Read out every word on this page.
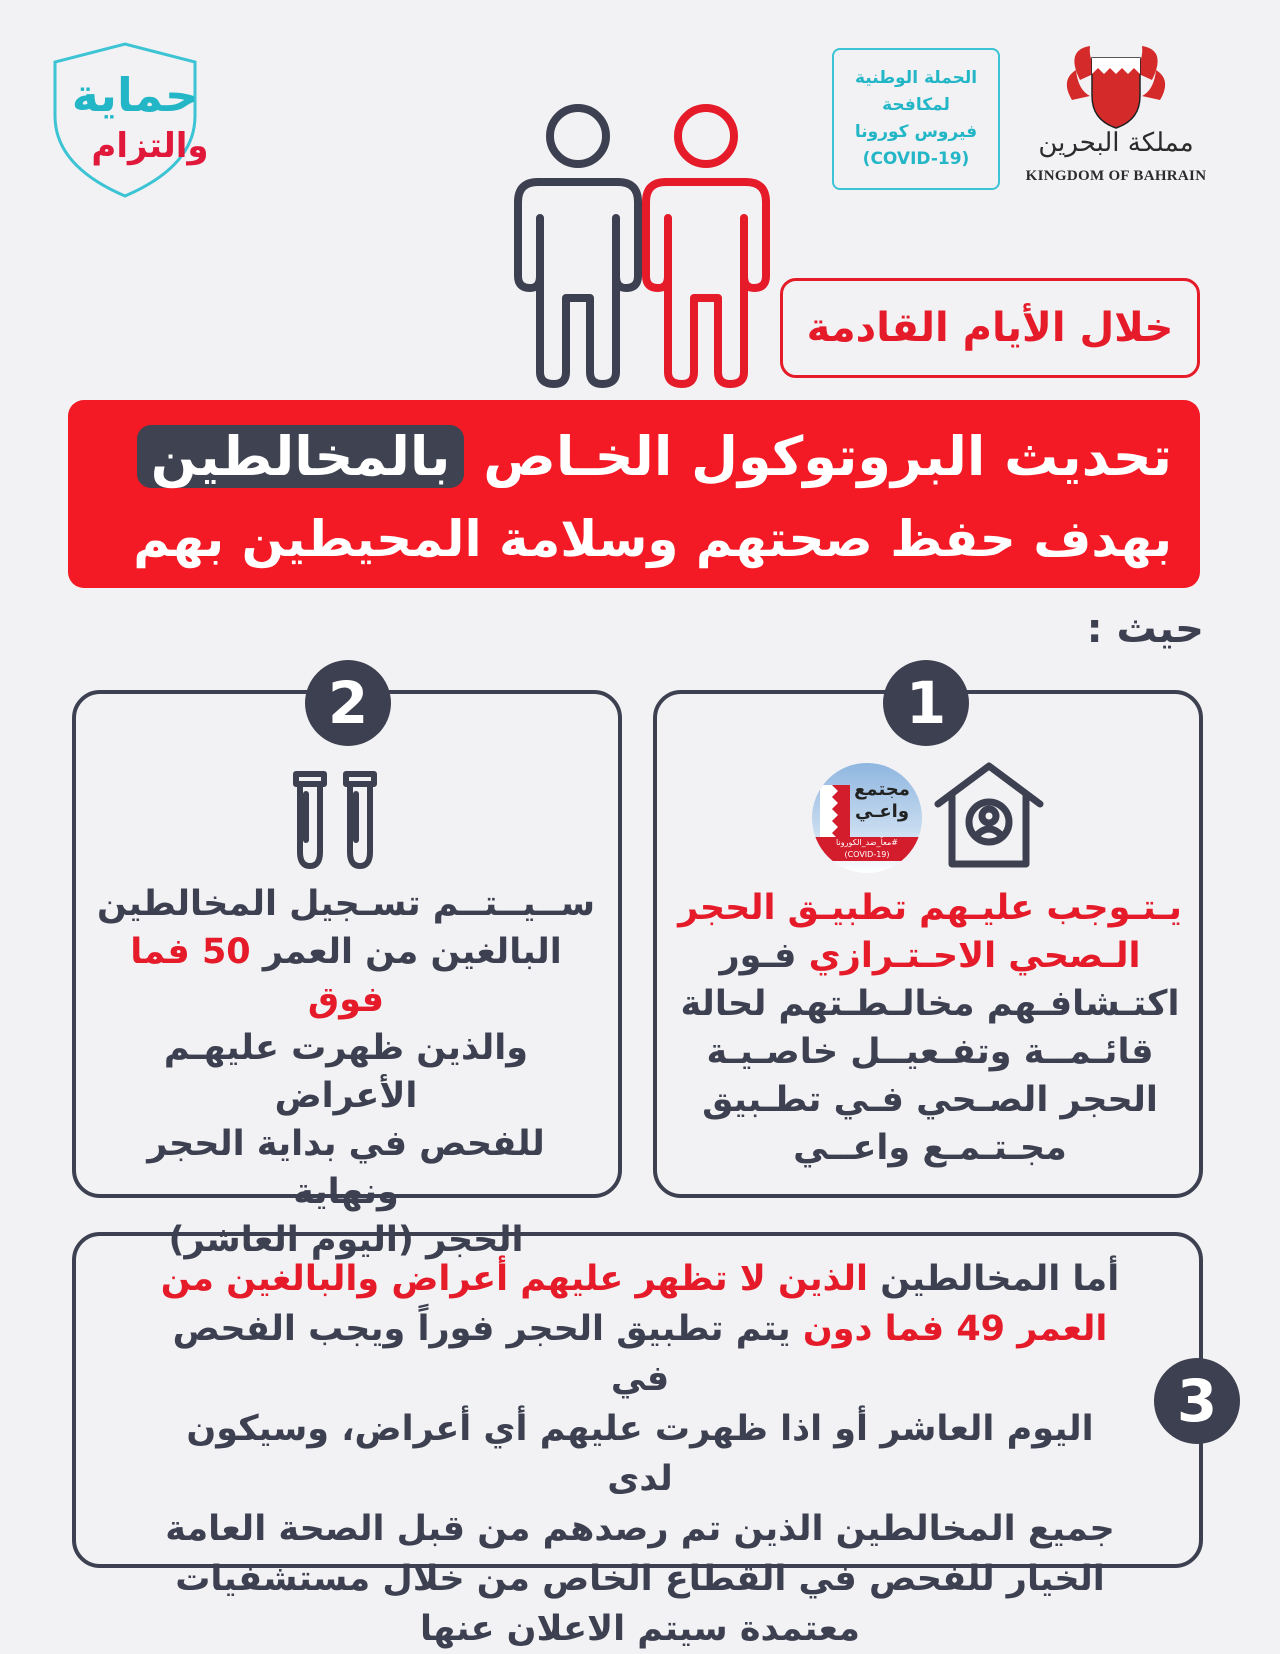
حماية
والتزام
الحملة الوطنية
لمكافحة
فيروس كورونا
(COVID-19)
مملكة البحرين
KINGDOM OF BAHRAIN
خلال الأيام القادمة
تحديث البروتوكول الخـاص بالمخالطين
بهدف حفظ صحتهم وسلامة المحيطين بهم
حيث :
1
2
3
مجتمع
واعـي
#معاً_ضد_الكورونا
(COVID-19)
يـتـوجب عليـهم تطبيـق الحجر
الـصحي الاحـتـرازي فـور
اكتـشافـهم مخالـطـتهم لحالة
قائـمــة وتفـعيــل خاصـيـة
الحجر الصـحي فـي تطـبيق
مجـتـمـع واعــي
ســيــتــم تسـجيل المخالطين
البالغين من العمر 50 فما فوق
والذين ظهرت عليهـم الأعراض
للفحص في بداية الحجر ونهاية
الحجر (اليوم العاشر)
أما المخالطين الذين لا تظهر عليهم أعراض والبالغين من
العمر 49 فما دون يتم تطبيق الحجر فوراً ويجب الفحص في
اليوم العاشر أو اذا ظهرت عليهم أي أعراض، وسيكون لدى
جميع المخالطين الذين تم رصدهم من قبل الصحة العامة
الخيار للفحص في القطاع الخاص من خلال مستشفيات
معتمدة سيتم الاعلان عنها
